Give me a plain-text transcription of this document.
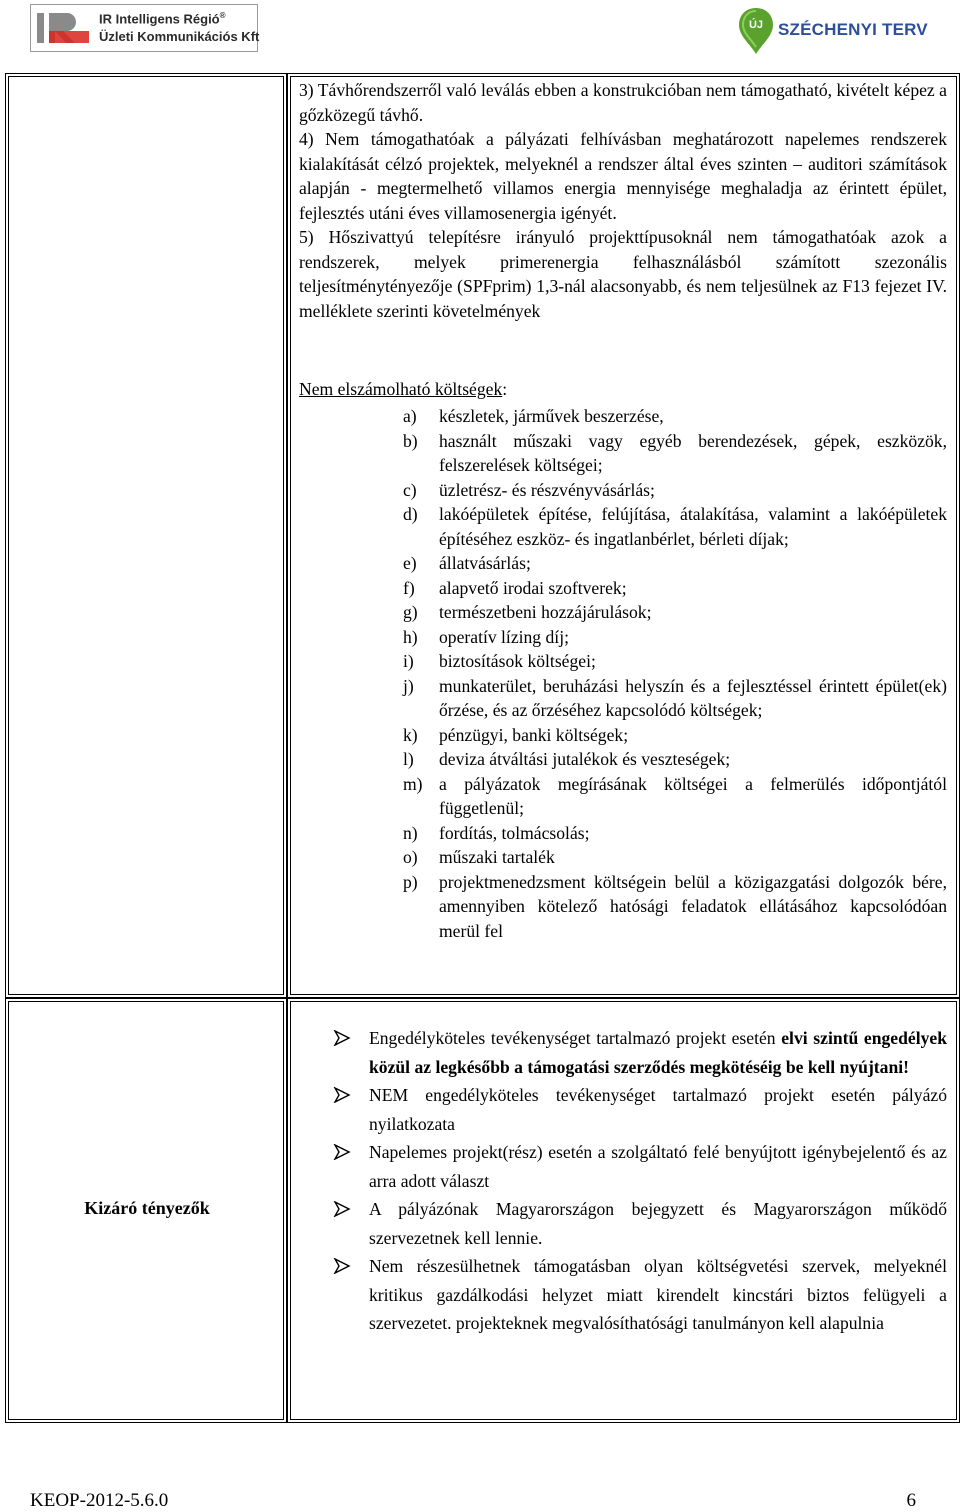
IR Intelligens Régió®
Üzleti Kommunikációs Kft
ÚJ SZÉCHENYI TERV

3) Távhőrendszerről való leválás ebben a konstrukcióban nem támogatható, kivételt képez a gőzközegű távhő.

4) Nem támogathatóak a pályázati felhívásban meghatározott napelemes rendszerek kialakítását célzó projektek, melyeknél a rendszer által éves szinten – auditori számítások alapján - megtermelhető villamos energia mennyisége meghaladja az érintett épület, fejlesztés utáni éves villamosenergia igényét.

5) Hőszivattyú telepítésre irányuló projekttípusoknál nem támogathatóak azok a rendszerek, melyek primerenergia felhasználásból számított szezonális teljesítménytényezője (SPFprim) 1,3-nál alacsonyabb, és nem teljesülnek az F13 fejezet IV. melléklete szerinti követelmények

Nem elszámolható költségek:
a) készletek, járművek beszerzése,
b) használt műszaki vagy egyéb berendezések, gépek, eszközök, felszerelések költségei;
c) üzletrész- és részvényvásárlás;
d) lakóépületek építése, felújítása, átalakítása, valamint a lakóépületek építéséhez eszköz- és ingatlanbérlet, bérleti díjak;
e) állatvásárlás;
f) alapvető irodai szoftverek;
g) természetbeni hozzájárulások;
h) operatív lízing díj;
i) biztosítások költségei;
j) munkaterület, beruházási helyszín és a fejlesztéssel érintett épület(ek) őrzése, és az őrzéséhez kapcsolódó költségek;
k) pénzügyi, banki költségek;
l) deviza átváltási jutalékok és veszteségek;
m) a pályázatok megírásának költségei a felmerülés időpontjától függetlenül;
n) fordítás, tolmácsolás;
o) műszaki tartalék
p) projektmenedzsment költségein belül a közigazgatási dolgozók bére, amennyiben kötelező hatósági feladatok ellátásához kapcsolódóan merül fel
Kizáró tényezők
Engedélyköteles tevékenységet tartalmazó projekt esetén elvi szintű engedélyek közül az legkésőbb a támogatási szerződés megkötéséig be kell nyújtani!
NEM engedélyköteles tevékenységet tartalmazó projekt esetén pályázó nyilatkozata
Napelemes projekt(rész) esetén a szolgáltató felé benyújtott igénybejelentő és az arra adott választ
A pályázónak Magyarországon bejegyzett és Magyarországon működő szervezetnek kell lennie.
Nem részesülhetnek támogatásban olyan költségvetési szervek, melyeknél kritikus gazdálkodási helyzet miatt kirendelt kincstári biztos felügyeli a szervezetet. projekteknek megvalósíthatósági tanulmányon kell alapulnia
KEOP-2012-5.6.0	6
